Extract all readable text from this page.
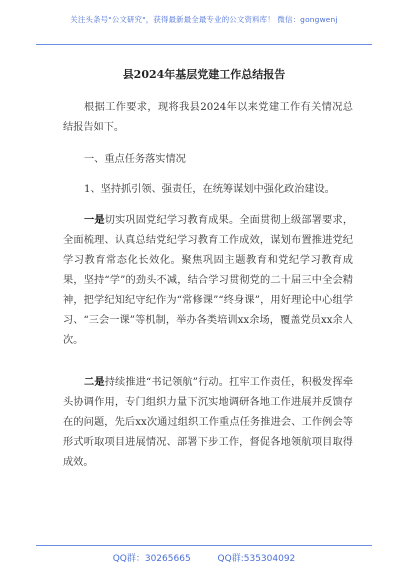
关注头条号"公文研究"，获得最新最全最专业的公文资料库！ 微信：gongwenj
县2024年基层党建工作总结报告

根据工作要求，现将我县2024年以来党建工作有关情况总结报告如下。

一、重点任务落实情况

1、坚持抓引领、强责任，在统筹谋划中强化政治建设。

一是切实巩固党纪学习教育成果。全面贯彻上级部署要求，全面梳理、认真总结党纪学习教育工作成效，谋划布置推进党纪学习教育常态化长效化。聚焦巩固主题教育和党纪学习教育成果，坚持“学”的劲头不减，结合学习贯彻党的二十届三中全会精神，把学纪知纪守纪作为“常修课”“终身课”，用好理论中心组学习、“三会一课”等机制，举办各类培训xx余场，覆盖党员xx余人次。

二是持续推进“书记领航”行动。扛牢工作责任，积极发挥牵头协调作用，专门组织力量下沉实地调研各地工作进展并反馈存在的问题，先后xx次通过组织工作重点任务推进会、工作例会等形式听取项目进展情况、部署下步工作，督促各地领航项目取得成效。

QQ群：30265665	QQ群:535304092
